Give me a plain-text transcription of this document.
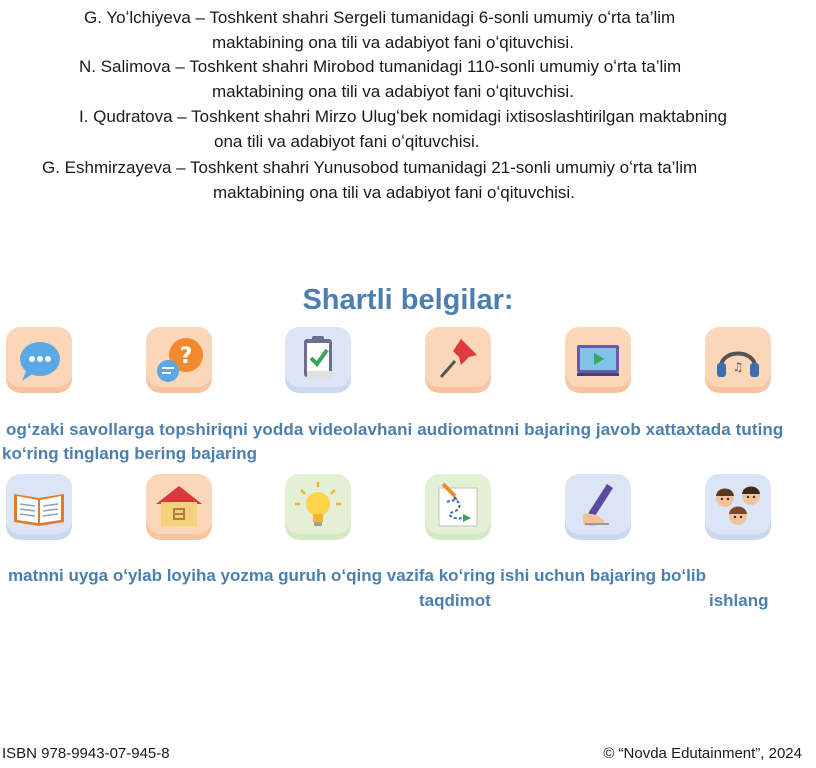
G. Yoʻlchiyeva – Toshkent shahri Sergeli tumanidagi 6-sonli umumiy oʻrta ta’lim
maktabining ona tili va adabiyot fani oʻqituvchisi.
N. Salimova – Toshkent shahri Mirobod tumanidagi 110-sonli umumiy oʻrta ta’lim
maktabining ona tili va adabiyot fani oʻqituvchisi.
I. Qudratova – Toshkent shahri Mirzo Ulugʻbek nomidagi ixtisoslashtirilgan maktabning
ona tili va adabiyot fani oʻqituvchisi.
G. Eshmirzayeva – Toshkent shahri Yunusobod tumanidagi 21-sonli umumiy oʻrta ta’lim
maktabining ona tili va adabiyot fani oʻqituvchisi.
Shartli belgilar:
?	♫
ogʻzaki savollarga topshiriqni yodda videolavhani audiomatnni bajaring javob xattaxtada tuting
koʻring tinglang bering bajaring
matnni uyga oʻylab loyiha yozma guruh oʻqing vazifa koʻring ishi uchun bajaring boʻlib
taqdimot	ishlang
ISBN 978-9943-07-945-8	© “Novda Edutainment”, 2024
